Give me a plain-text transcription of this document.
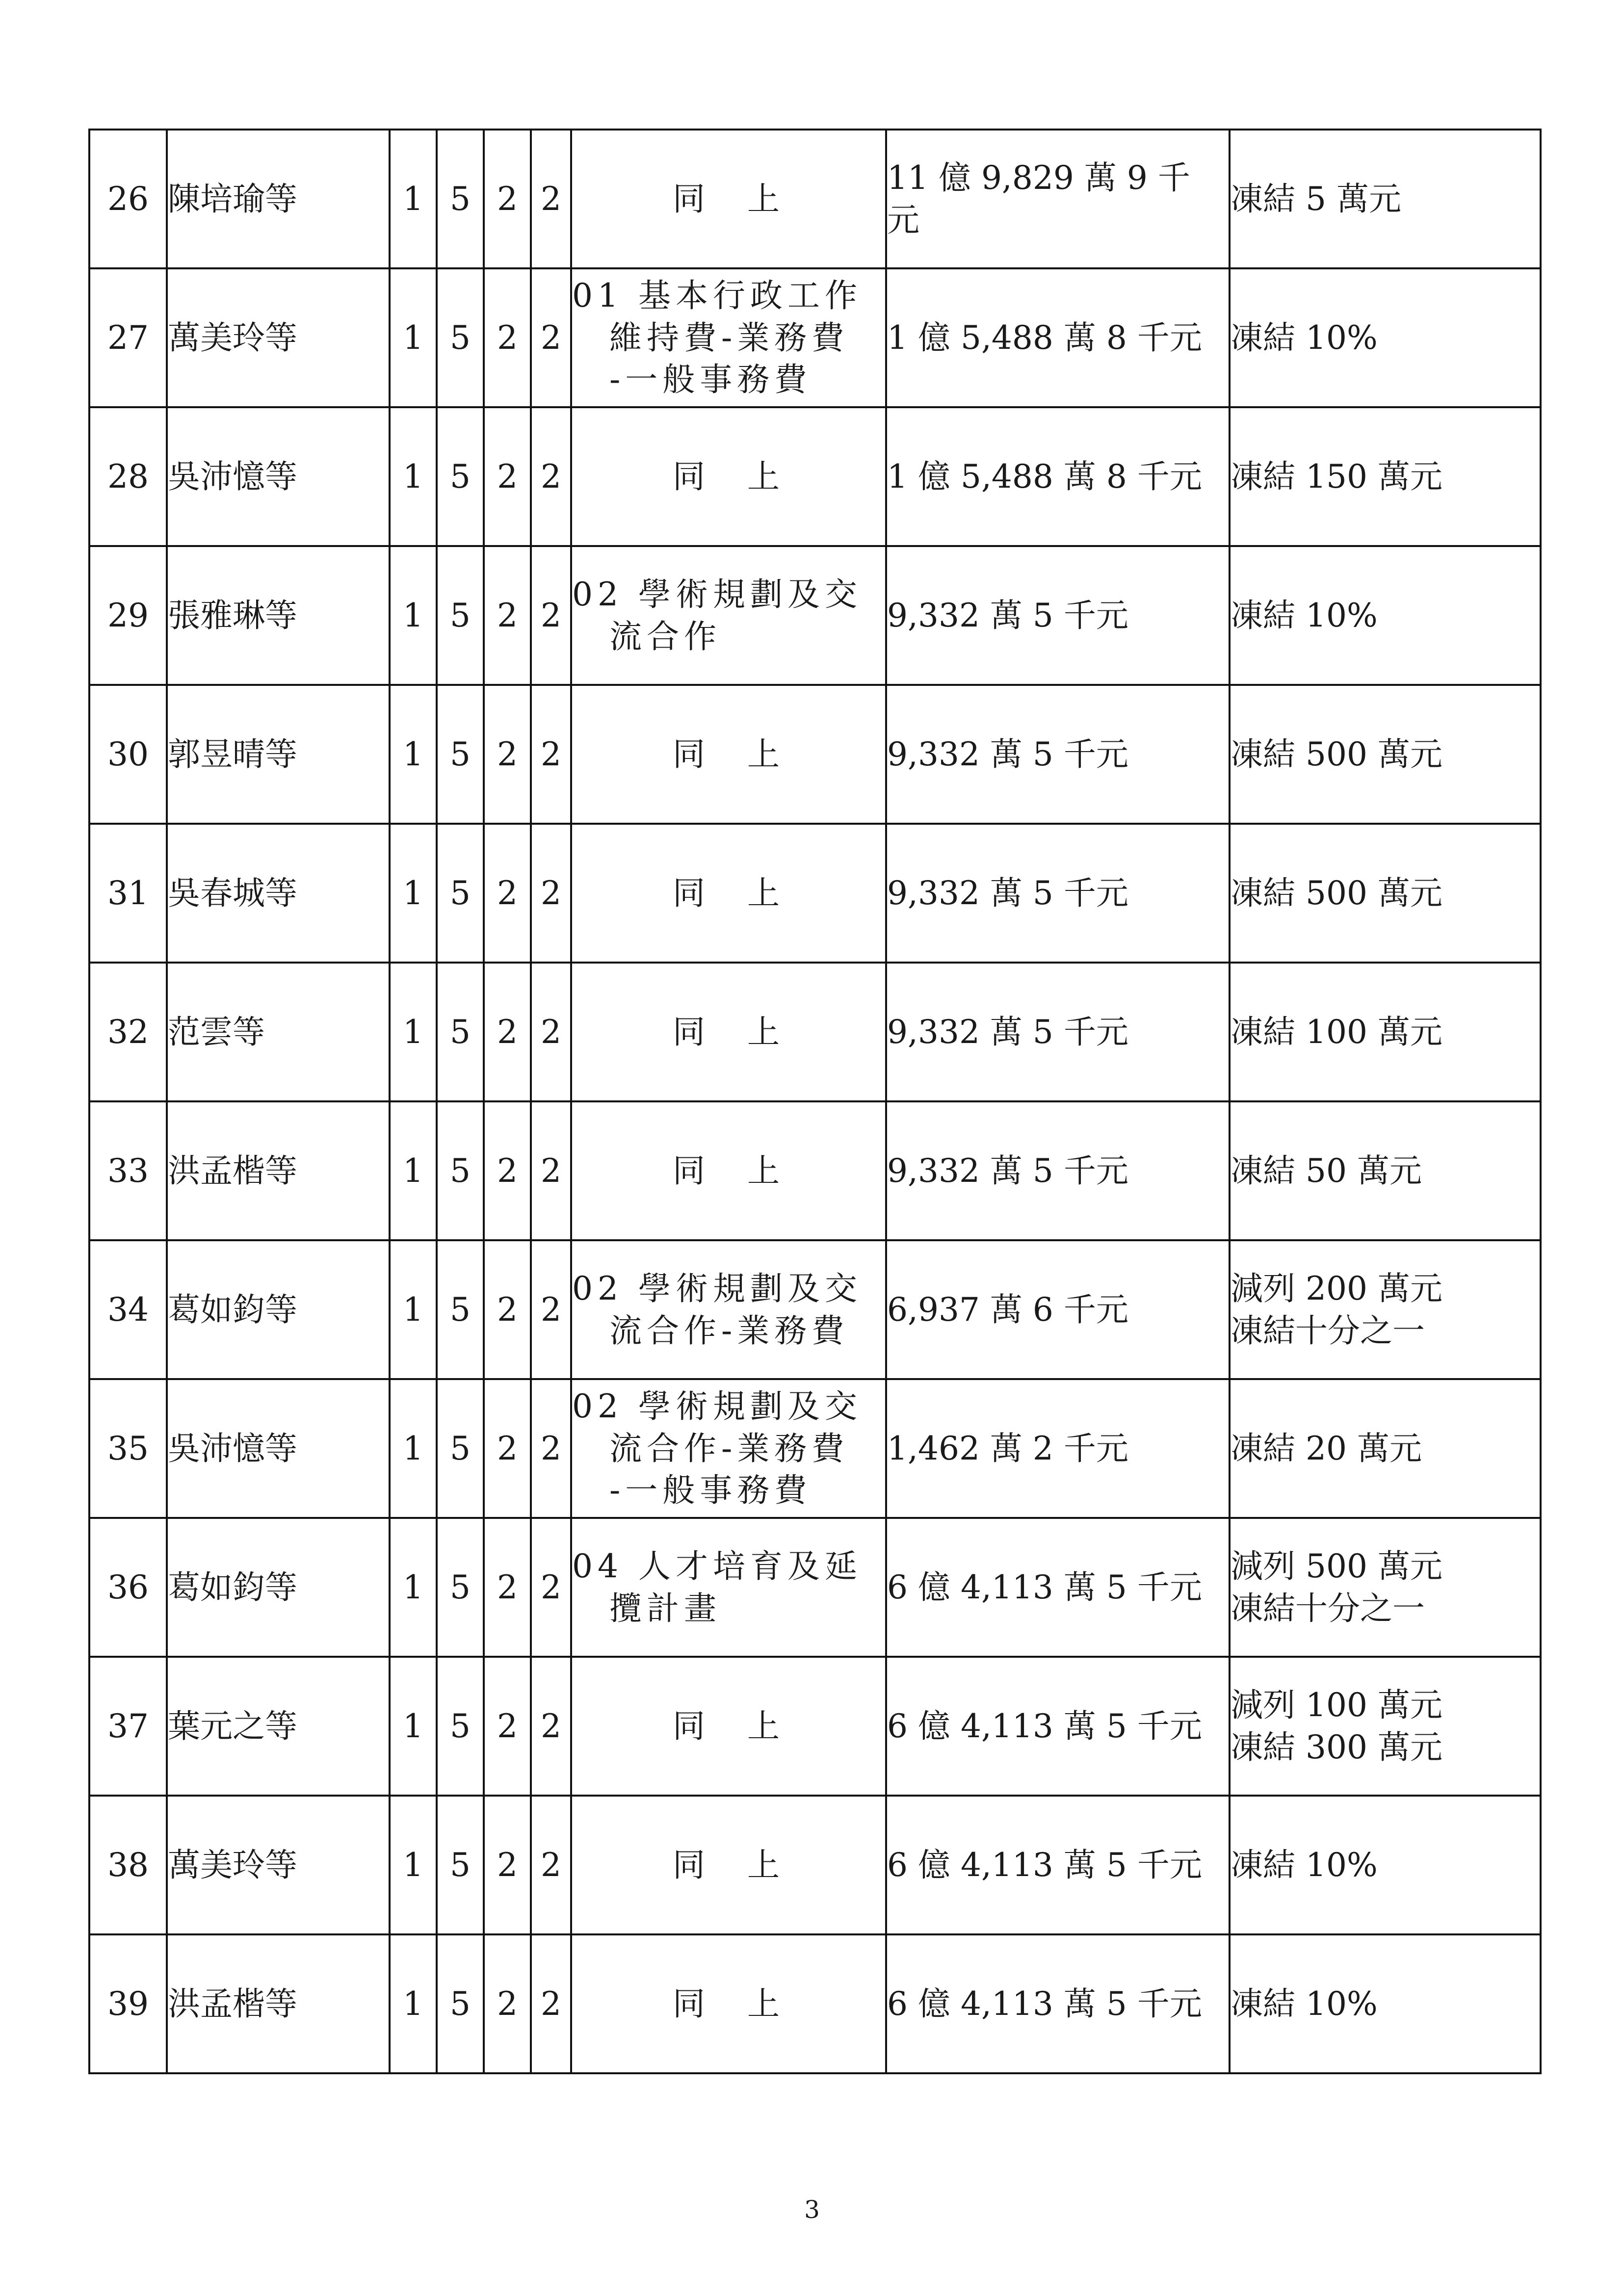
26	陳培瑜等	1	5	2	2	同　上	11 億 9,829 萬 9 千
元	凍結 5 萬元
27	萬美玲等	1	5	2	2	01 基本行政工作
　維持費-業務費
　-一般事務費	1 億 5,488 萬 8 千元	凍結 10%
28	吳沛憶等	1	5	2	2	同　上	1 億 5,488 萬 8 千元	凍結 150 萬元
29	張雅琳等	1	5	2	2	02 學術規劃及交
　流合作	9,332 萬 5 千元	凍結 10%
30	郭昱晴等	1	5	2	2	同　上	9,332 萬 5 千元	凍結 500 萬元
31	吳春城等	1	5	2	2	同　上	9,332 萬 5 千元	凍結 500 萬元
32	范雲等	1	5	2	2	同　上	9,332 萬 5 千元	凍結 100 萬元
33	洪孟楷等	1	5	2	2	同　上	9,332 萬 5 千元	凍結 50 萬元
34	葛如鈞等	1	5	2	2	02 學術規劃及交
　流合作-業務費	6,937 萬 6 千元	減列 200 萬元
凍結十分之一
35	吳沛憶等	1	5	2	2	02 學術規劃及交
　流合作-業務費
　-一般事務費	1,462 萬 2 千元	凍結 20 萬元
36	葛如鈞等	1	5	2	2	04 人才培育及延
　攬計畫	6 億 4,113 萬 5 千元	減列 500 萬元
凍結十分之一
37	葉元之等	1	5	2	2	同　上	6 億 4,113 萬 5 千元	減列 100 萬元
凍結 300 萬元
38	萬美玲等	1	5	2	2	同　上	6 億 4,113 萬 5 千元	凍結 10%
39	洪孟楷等	1	5	2	2	同　上	6 億 4,113 萬 5 千元	凍結 10%
3
